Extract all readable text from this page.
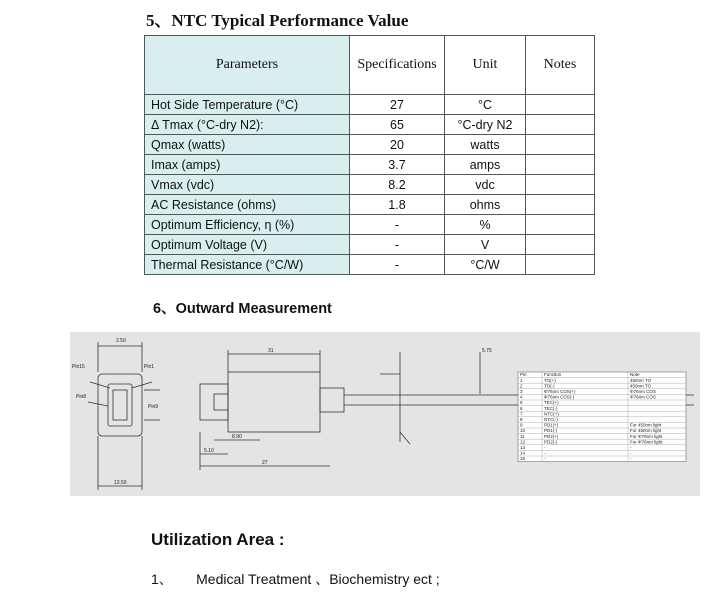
5、NTC Typical Performance Value
Parameters	Specifications	Unit	Notes
Hot Side Temperature (°C)	27	°C	
Δ Tmax (°C-dry N2):	65	°C-dry N2	
Qmax (watts)	20	watts	
Imax (amps)	3.7	amps	
Vmax (vdc)	8.2	vdc	
AC Resistance (ohms)	1.8	ohms	
Optimum Efficiency, η (%)	-	%	
Optimum Voltage (V)	-	V	
Thermal Resistance (°C/W)	-	°C/W	
6、Outward Measurement
2.50
31
8.90
5.10
27
13.50
5.75
Pin15	Pin1
Pin8
Pin9
Pin	Function	Note
1	TO(+)	450nm TO
2	TO(-)	450nm TO
3	Φ76nm COS(+)	Φ76nm COS
4	Φ76nm COS(-)	Φ76nm COS
5	TEC(+)
6	TEC(-)
7	NTC(+)
8	NTC(-)
9	PD1(+)	For 450nm light
10	PD1(-)	For 450nm light
11	PD2(+)	For Φ76nm light
12	PD2(-)	For Φ76nm light
13	-	-
14	-	-
15	-	-
Utilization Area :
1、 Medical Treatment 、Biochemistry ect ;
